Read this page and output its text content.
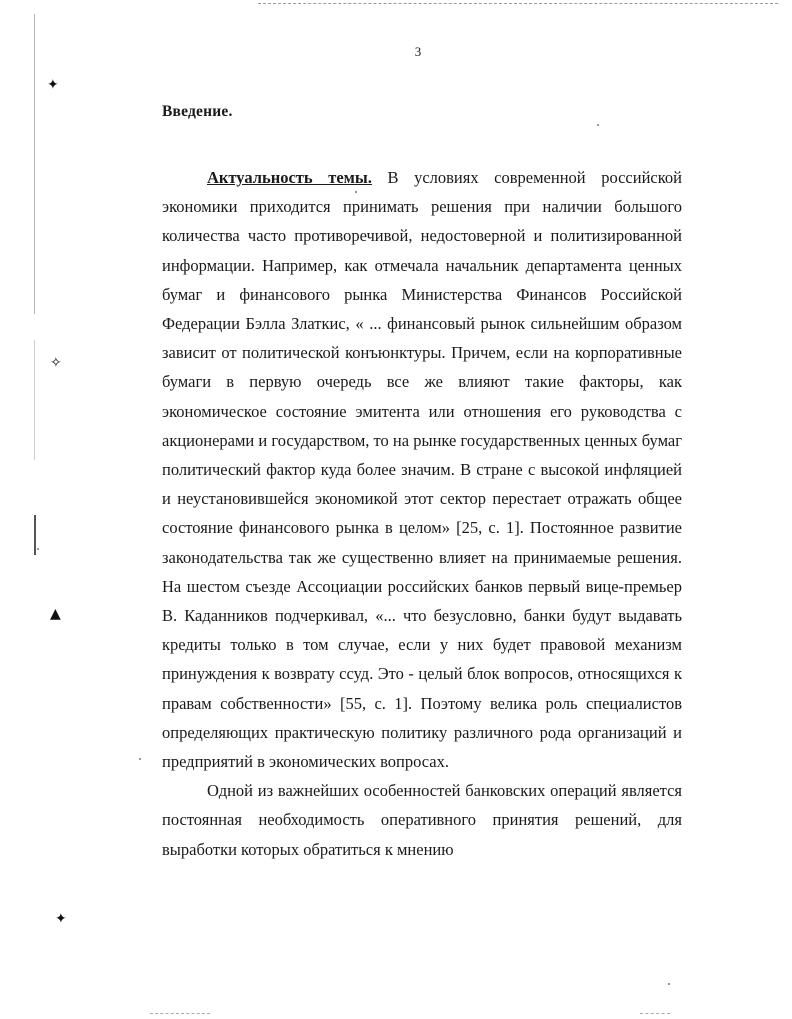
✦
✧
▲
✦
3
Введение.

Актуальность темы. В условиях современной российской экономики приходится принимать решения при наличии большого количества часто противоречивой, недостоверной и политизированной информации. Например, как отмечала начальник департамента ценных бумаг и финансового рынка Министерства Финансов Российской Федерации Бэлла Златкис, « ... финансовый рынок сильнейшим образом зависит от политической конъюнктуры. Причем, если на корпоративные бумаги в первую очередь все же влияют такие факторы, как экономическое состояние эмитента или отношения его руководства с акционерами и государством, то на рынке государственных ценных бумаг политический фактор куда более значим. В стране с высокой инфляцией и неустановившейся экономикой этот сектор перестает отражать общее состояние финансового рынка в целом» [25, с. 1]. Постоянное развитие законодательства так же существенно влияет на принимаемые решения. На шестом съезде Ассоциации российских банков первый вице-премьер В. Каданников подчеркивал, «... что безусловно, банки будут выдавать кредиты только в том случае, если у них будет правовой механизм принуждения к возврату ссуд. Это - целый блок вопросов, относящихся к правам собственности» [55, с. 1]. Поэтому велика роль специалистов определяющих практическую политику различного рода организаций и предприятий в экономических вопросах.

Одной из важнейших особенностей банковских операций является постоянная необходимость оперативного принятия решений, для выработки которых обратиться к мнению
